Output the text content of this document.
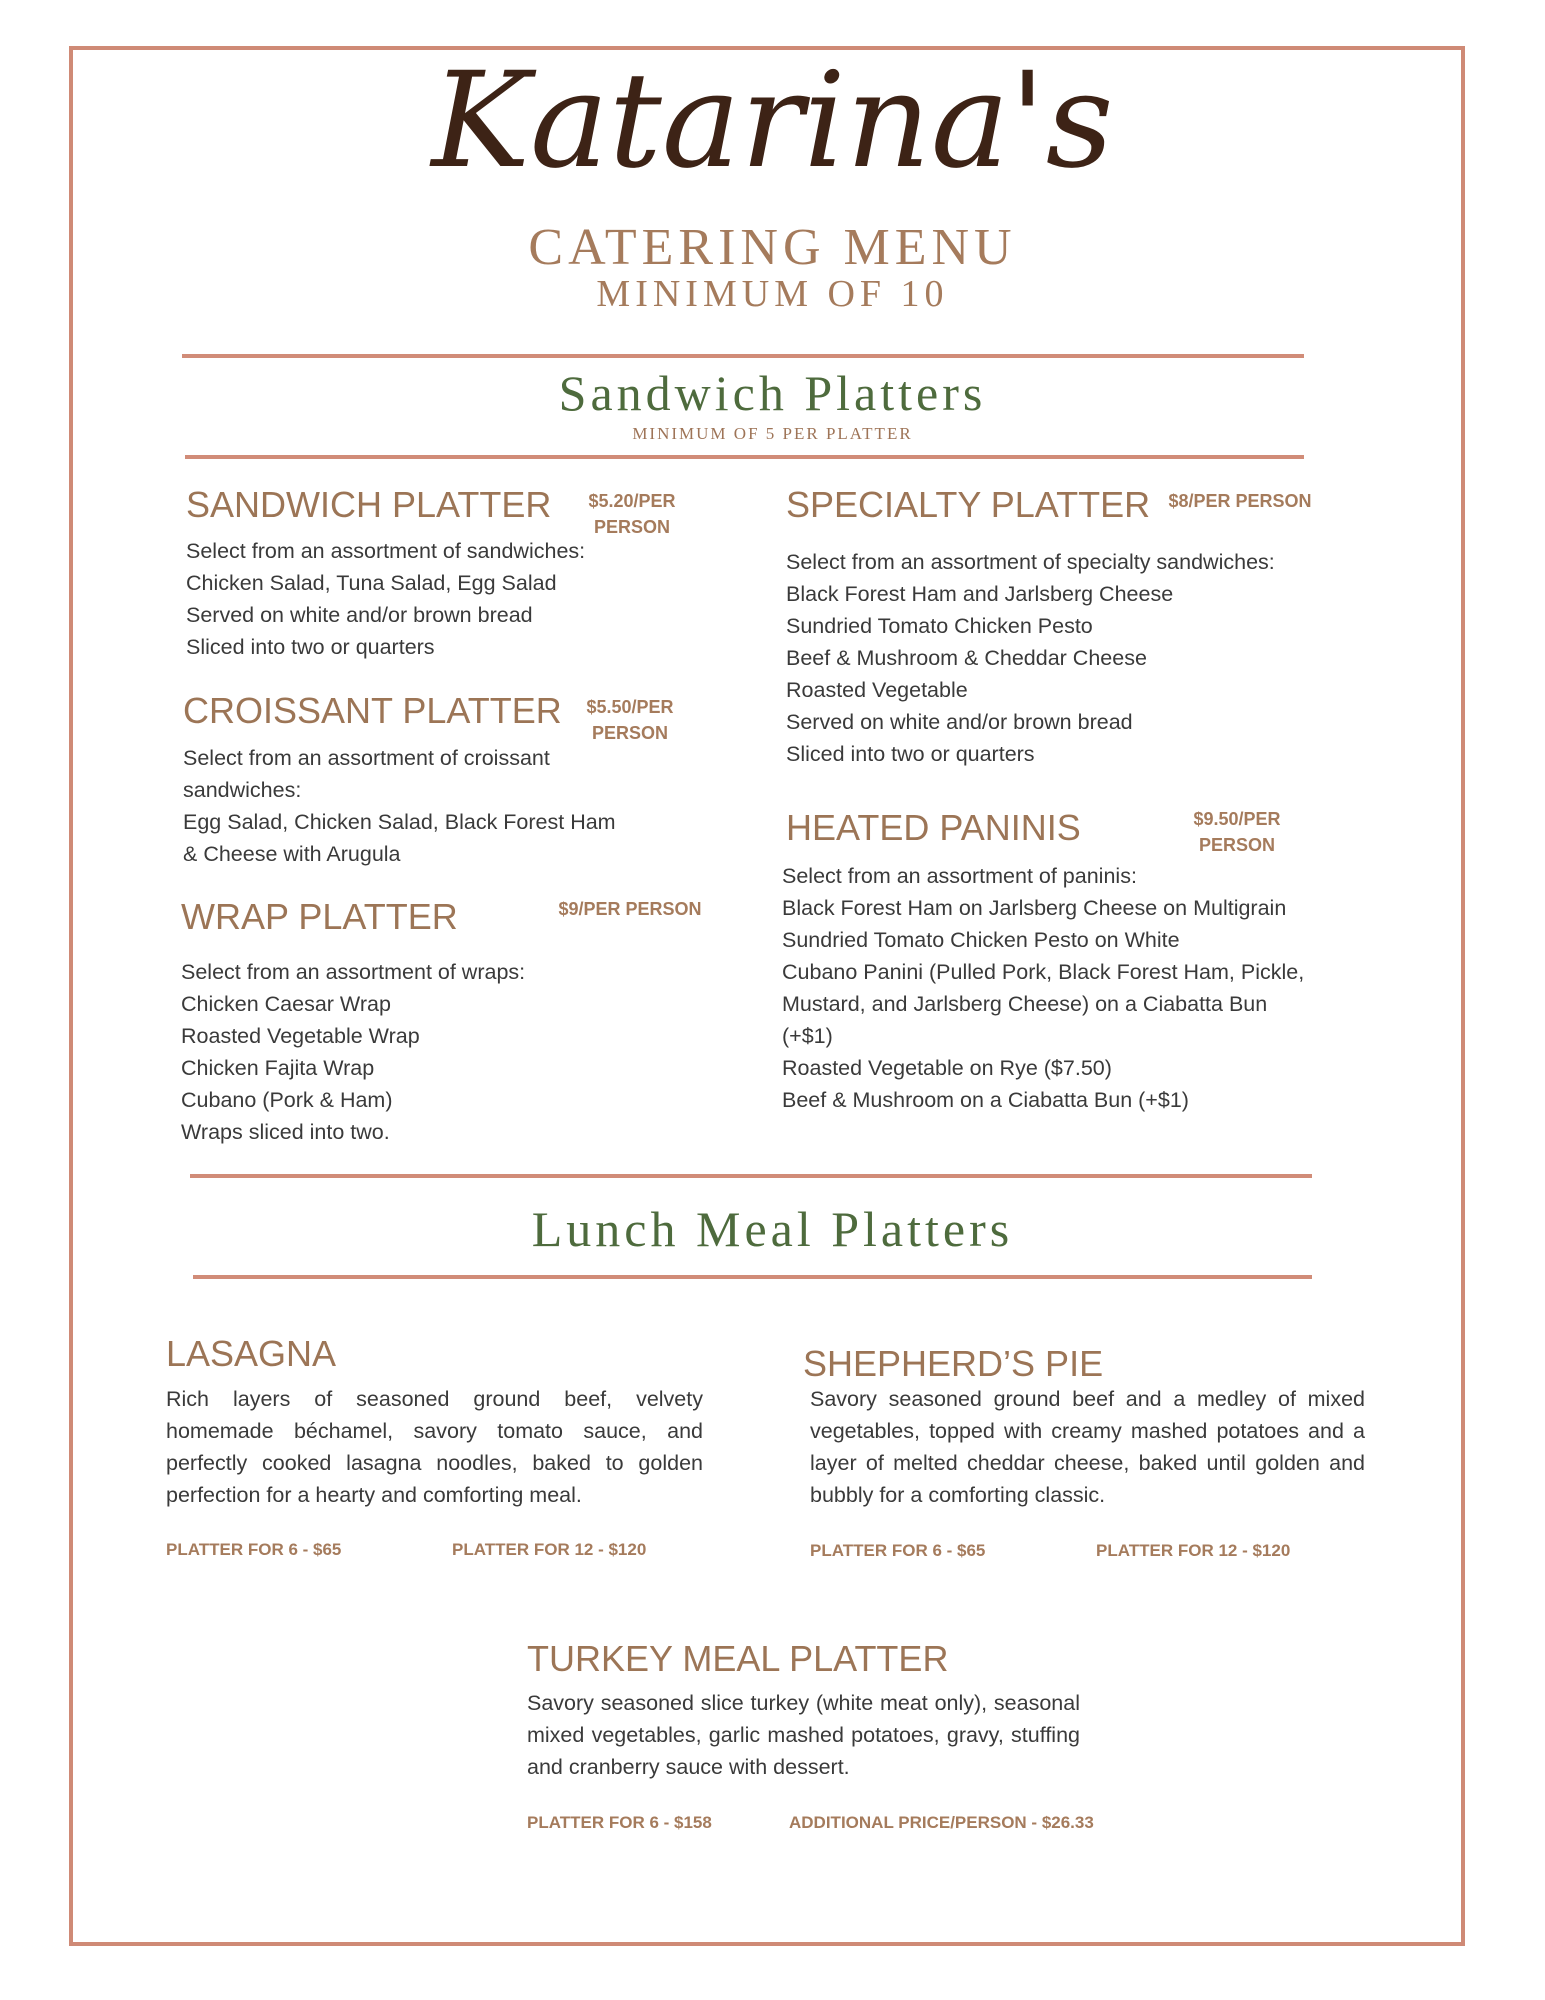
Katarina's
CATERING MENU
MINIMUM OF 10
Sandwich Platters
MINIMUM OF 5 PER PLATTER
SANDWICH PLATTER	$5.20/PER
PERSON
Select from an assortment of sandwiches:
Chicken Salad, Tuna Salad, Egg Salad
Served on white and/or brown bread
Sliced into two or quarters
CROISSANT PLATTER	$5.50/PER
PERSON
Select from an assortment of croissant
sandwiches:
Egg Salad, Chicken Salad, Black Forest Ham
& Cheese with Arugula
WRAP PLATTER	$9/PER PERSON
Select from an assortment of wraps:
Chicken Caesar Wrap
Roasted Vegetable Wrap
Chicken Fajita Wrap
Cubano (Pork & Ham)
Wraps sliced into two.
SPECIALTY PLATTER	$8/PER PERSON
Select from an assortment of specialty sandwiches:
Black Forest Ham and Jarlsberg Cheese
Sundried Tomato Chicken Pesto
Beef & Mushroom & Cheddar Cheese
Roasted Vegetable
Served on white and/or brown bread
Sliced into two or quarters
HEATED PANINIS	$9.50/PER
PERSON
Select from an assortment of paninis:
Black Forest Ham on Jarlsberg Cheese on Multigrain
Sundried Tomato Chicken Pesto on White
Cubano Panini (Pulled Pork, Black Forest Ham, Pickle,
Mustard, and Jarlsberg Cheese) on a Ciabatta Bun
(+$1)
Roasted Vegetable on Rye ($7.50)
Beef & Mushroom on a Ciabatta Bun (+$1)
Lunch Meal Platters
LASAGNA
Rich layers of seasoned ground beef, velvety homemade béchamel, savory tomato sauce, and perfectly cooked lasagna noodles, baked to golden perfection for a hearty and comforting meal.
PLATTER FOR 6 - $65	PLATTER FOR 12 - $120
SHEPHERD’S PIE
Savory seasoned ground beef and a medley of mixed vegetables, topped with creamy mashed potatoes and a layer of melted cheddar cheese, baked until golden and bubbly for a comforting classic.
PLATTER FOR 6 - $65	PLATTER FOR 12 - $120
TURKEY MEAL PLATTER
Savory seasoned slice turkey (white meat only), seasonal mixed vegetables, garlic mashed potatoes, gravy, stuffing and cranberry sauce with dessert.
PLATTER FOR 6 - $158	ADDITIONAL PRICE/PERSON - $26.33
